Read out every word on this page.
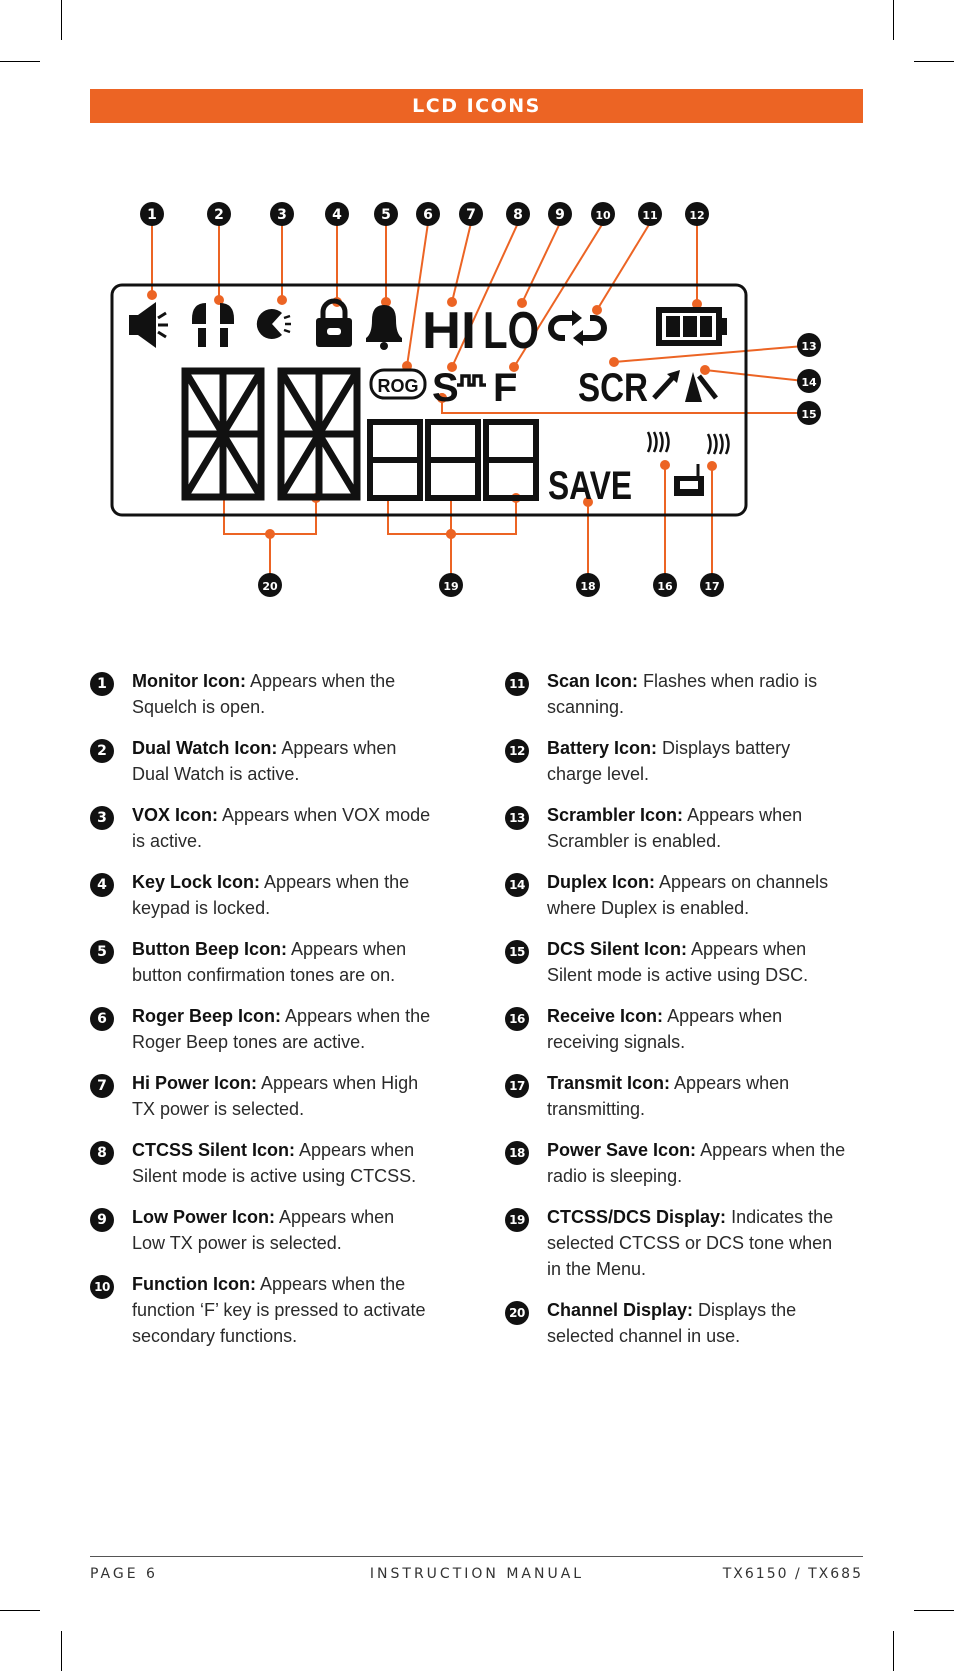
LCD ICONS
HI LO
ROG S F SCR
SAVE
1	2	3	4	5 6 7	8 9	10	11	12
13
14
15
16	17
18
19
20
1	Monitor Icon: Appears when the Squelch is open.
2	Dual Watch Icon: Appears when Dual Watch is active.
3	VOX Icon: Appears when VOX mode is active.
4	Key Lock Icon: Appears when the keypad is locked.
5	Button Beep Icon: Appears when button confirmation tones are on.
6	Roger Beep Icon: Appears when the Roger Beep tones are active.
7	Hi Power Icon: Appears when High TX power is selected.
8	CTCSS Silent Icon: Appears when Silent mode is active using CTCSS.
9	Low Power Icon: Appears when Low TX power is selected.
10 Function Icon: Appears when the function ‘F’ key is pressed to activate secondary functions.
11 Scan Icon: Flashes when radio is scanning.
12 Battery Icon: Displays battery charge level.
13 Scrambler Icon: Appears when Scrambler is enabled.
14 Duplex Icon: Appears on channels where Duplex is enabled.
15 DCS Silent Icon: Appears when Silent mode is active using DSC.
16 Receive Icon: Appears when receiving signals.
17 Transmit Icon: Appears when transmitting.
18 Power Save Icon: Appears when the radio is sleeping.
19 CTCSS/DCS Display: Indicates the selected CTCSS or DCS tone when in the Menu.
20 Channel Display: Displays the selected channel in use.
PAGE 6	INSTRUCTION MANUAL	TX6150 / TX685
